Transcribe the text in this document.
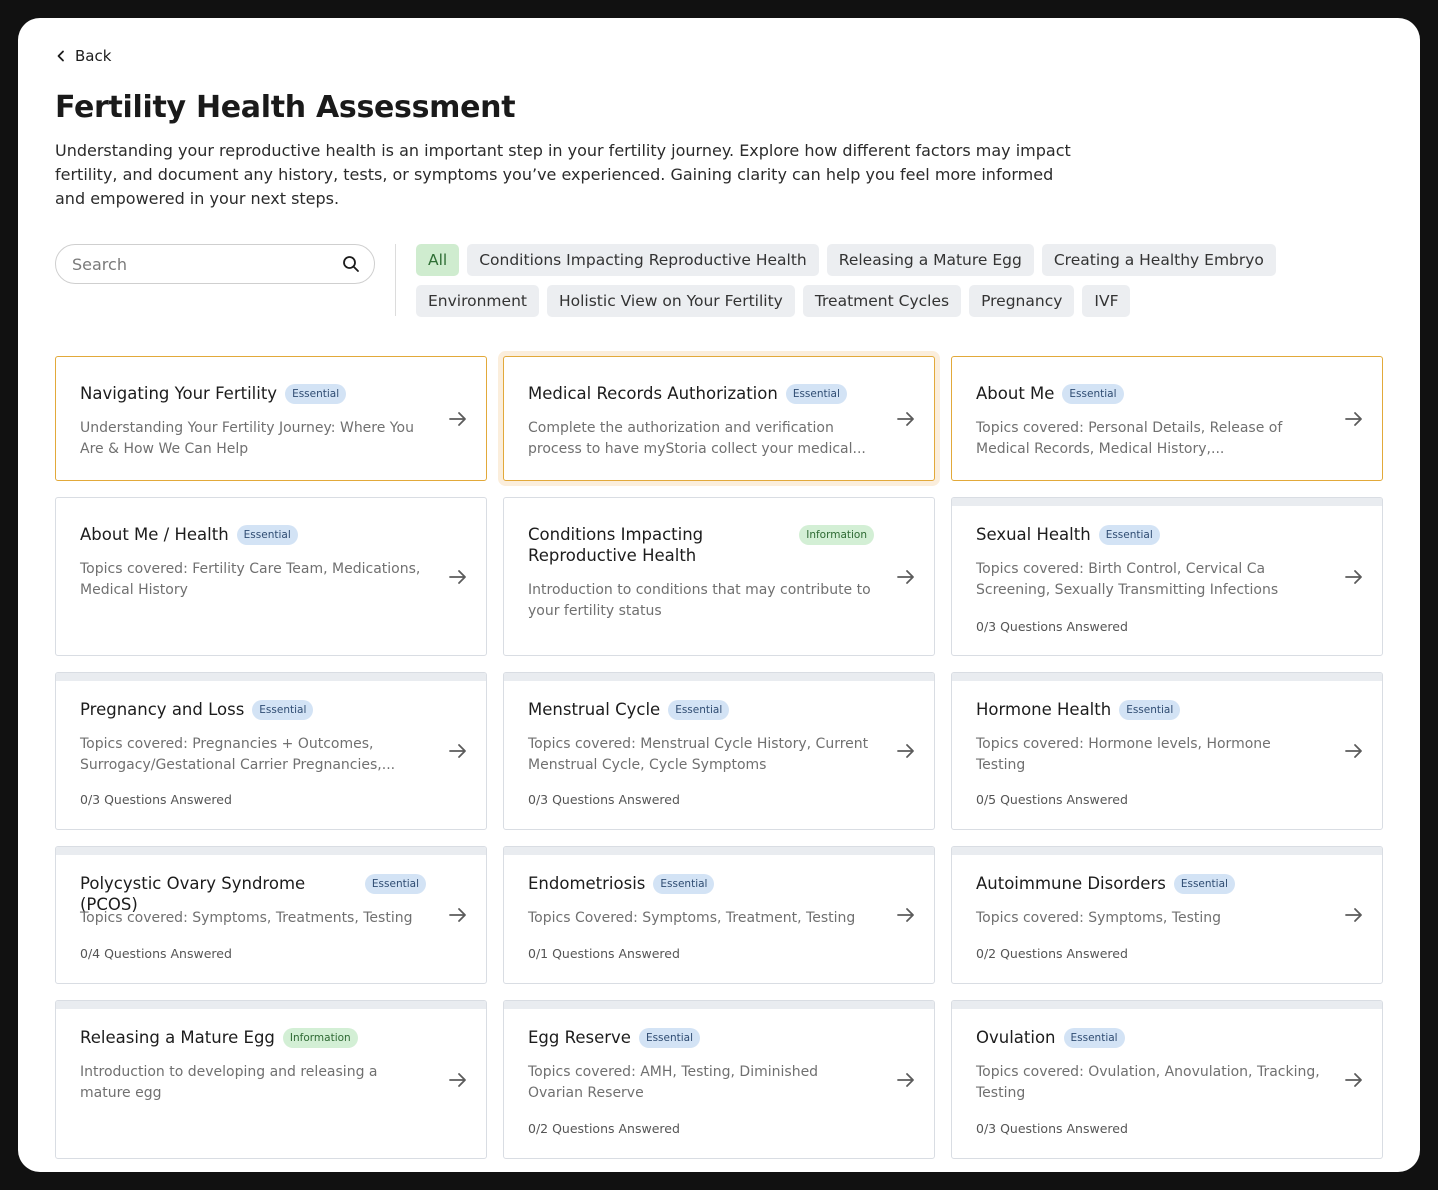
Back
Fertility Health Assessment

Understanding your reproductive health is an important step in your fertility journey. Explore how different factors may impact fertility, and document any history, tests, or symptoms you’ve experienced. Gaining clarity can help you feel more informed and empowered in your next steps.

Search
All	Conditions Impacting Reproductive Health	Releasing a Mature Egg	Creating a Healthy Embryo
Environment	Holistic View on Your Fertility	Treatment Cycles	Pregnancy	IVF
Navigating Your Fertility	Essential
Understanding Your Fertility Journey: Where You Are & How We Can Help
Medical Records Authorization	Essential
Complete the authorization and verification process to have myStoria collect your medical...
About Me	Essential
Topics covered: Personal Details, Release of Medical Records, Medical History,...
About Me / Health	Essential
Topics covered: Fertility Care Team, Medications, Medical History
Conditions Impacting Reproductive Health
Information
Introduction to conditions that may contribute to your fertility status
Sexual Health	Essential
Topics covered: Birth Control, Cervical Ca Screening, Sexually Transmitting Infections
0/3 Questions Answered
Pregnancy and Loss	Essential
Topics covered: Pregnancies + Outcomes, Surrogacy/Gestational Carrier Pregnancies,...
0/3 Questions Answered
Menstrual Cycle	Essential
Topics covered: Menstrual Cycle History, Current Menstrual Cycle, Cycle Symptoms
0/3 Questions Answered
Hormone Health	Essential
Topics covered: Hormone levels, Hormone Testing
0/5 Questions Answered
Polycystic Ovary Syndrome (PCOS)
Essential
Topics covered: Symptoms, Treatments, Testing
0/4 Questions Answered
Endometriosis	Essential
Topics Covered: Symptoms, Treatment, Testing
0/1 Questions Answered
Autoimmune Disorders	Essential
Topics covered: Symptoms, Testing
0/2 Questions Answered
Releasing a Mature Egg	Information
Introduction to developing and releasing a mature egg
Egg Reserve	Essential
Topics covered: AMH, Testing, Diminished Ovarian Reserve
0/2 Questions Answered
Ovulation	Essential
Topics covered: Ovulation, Anovulation, Tracking, Testing
0/3 Questions Answered
